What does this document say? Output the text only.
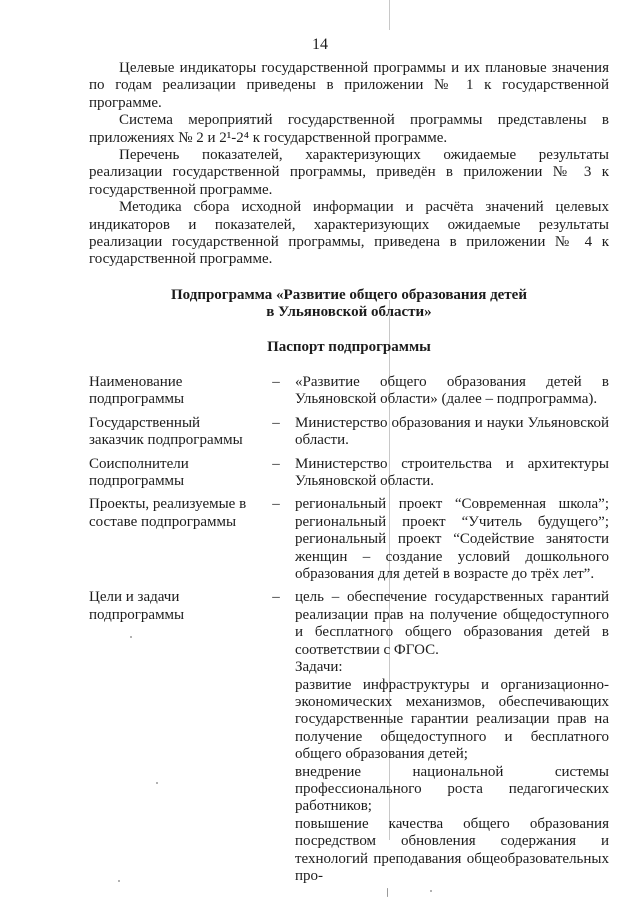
14

Целевые индикаторы государственной программы и их плановые значения по годам реализации приведены в приложении № 1 к государственной программе.

Система мероприятий государственной программы представлены в приложениях № 2 и 2¹-2⁴ к государственной программе.

Перечень показателей, характеризующих ожидаемые результаты реализации государственной программы, приведён в приложении № 3 к государственной программе.

Методика сбора исходной информации и расчёта значений целевых индикаторов и показателей, характеризующих ожидаемые результаты реализации государственной программы, приведена в приложении № 4 к государственной программе.

Подпрограмма «Развитие общего образования детей
в Ульяновской области»
Паспорт подпрограммы
Наименование подпрограммы
–	«Развитие общего образования детей в Ульяновской области» (далее – подпрограмма).
Государственный заказчик подпрограммы
–	Министерство образования и науки Ульяновской области.
Соисполнители подпрограммы
–	Министерство строительства и архитектуры Ульяновской области.
Проекты, реализуемые в составе подпрограммы
–	региональный проект “Современная школа”; региональный проект “Учитель будущего”; региональный проект “Содействие занятости женщин – создание условий дошкольного образования для детей в возрасте до трёх лет”.
Цели и задачи подпрограммы
–	цель – обеспечение государственных гарантий реализации прав на получение общедоступного и бесплатного общего образования детей в соответствии с ФГОС.
Задачи:
развитие инфраструктуры и организационно-экономических механизмов, обеспечивающих государственные гарантии реализации прав на получение общедоступного и бесплатного общего образования детей;
внедрение национальной системы профессионального роста педагогических работников;
повышение качества общего образования посредством обновления содержания и технологий преподавания общеобразовательных про-
